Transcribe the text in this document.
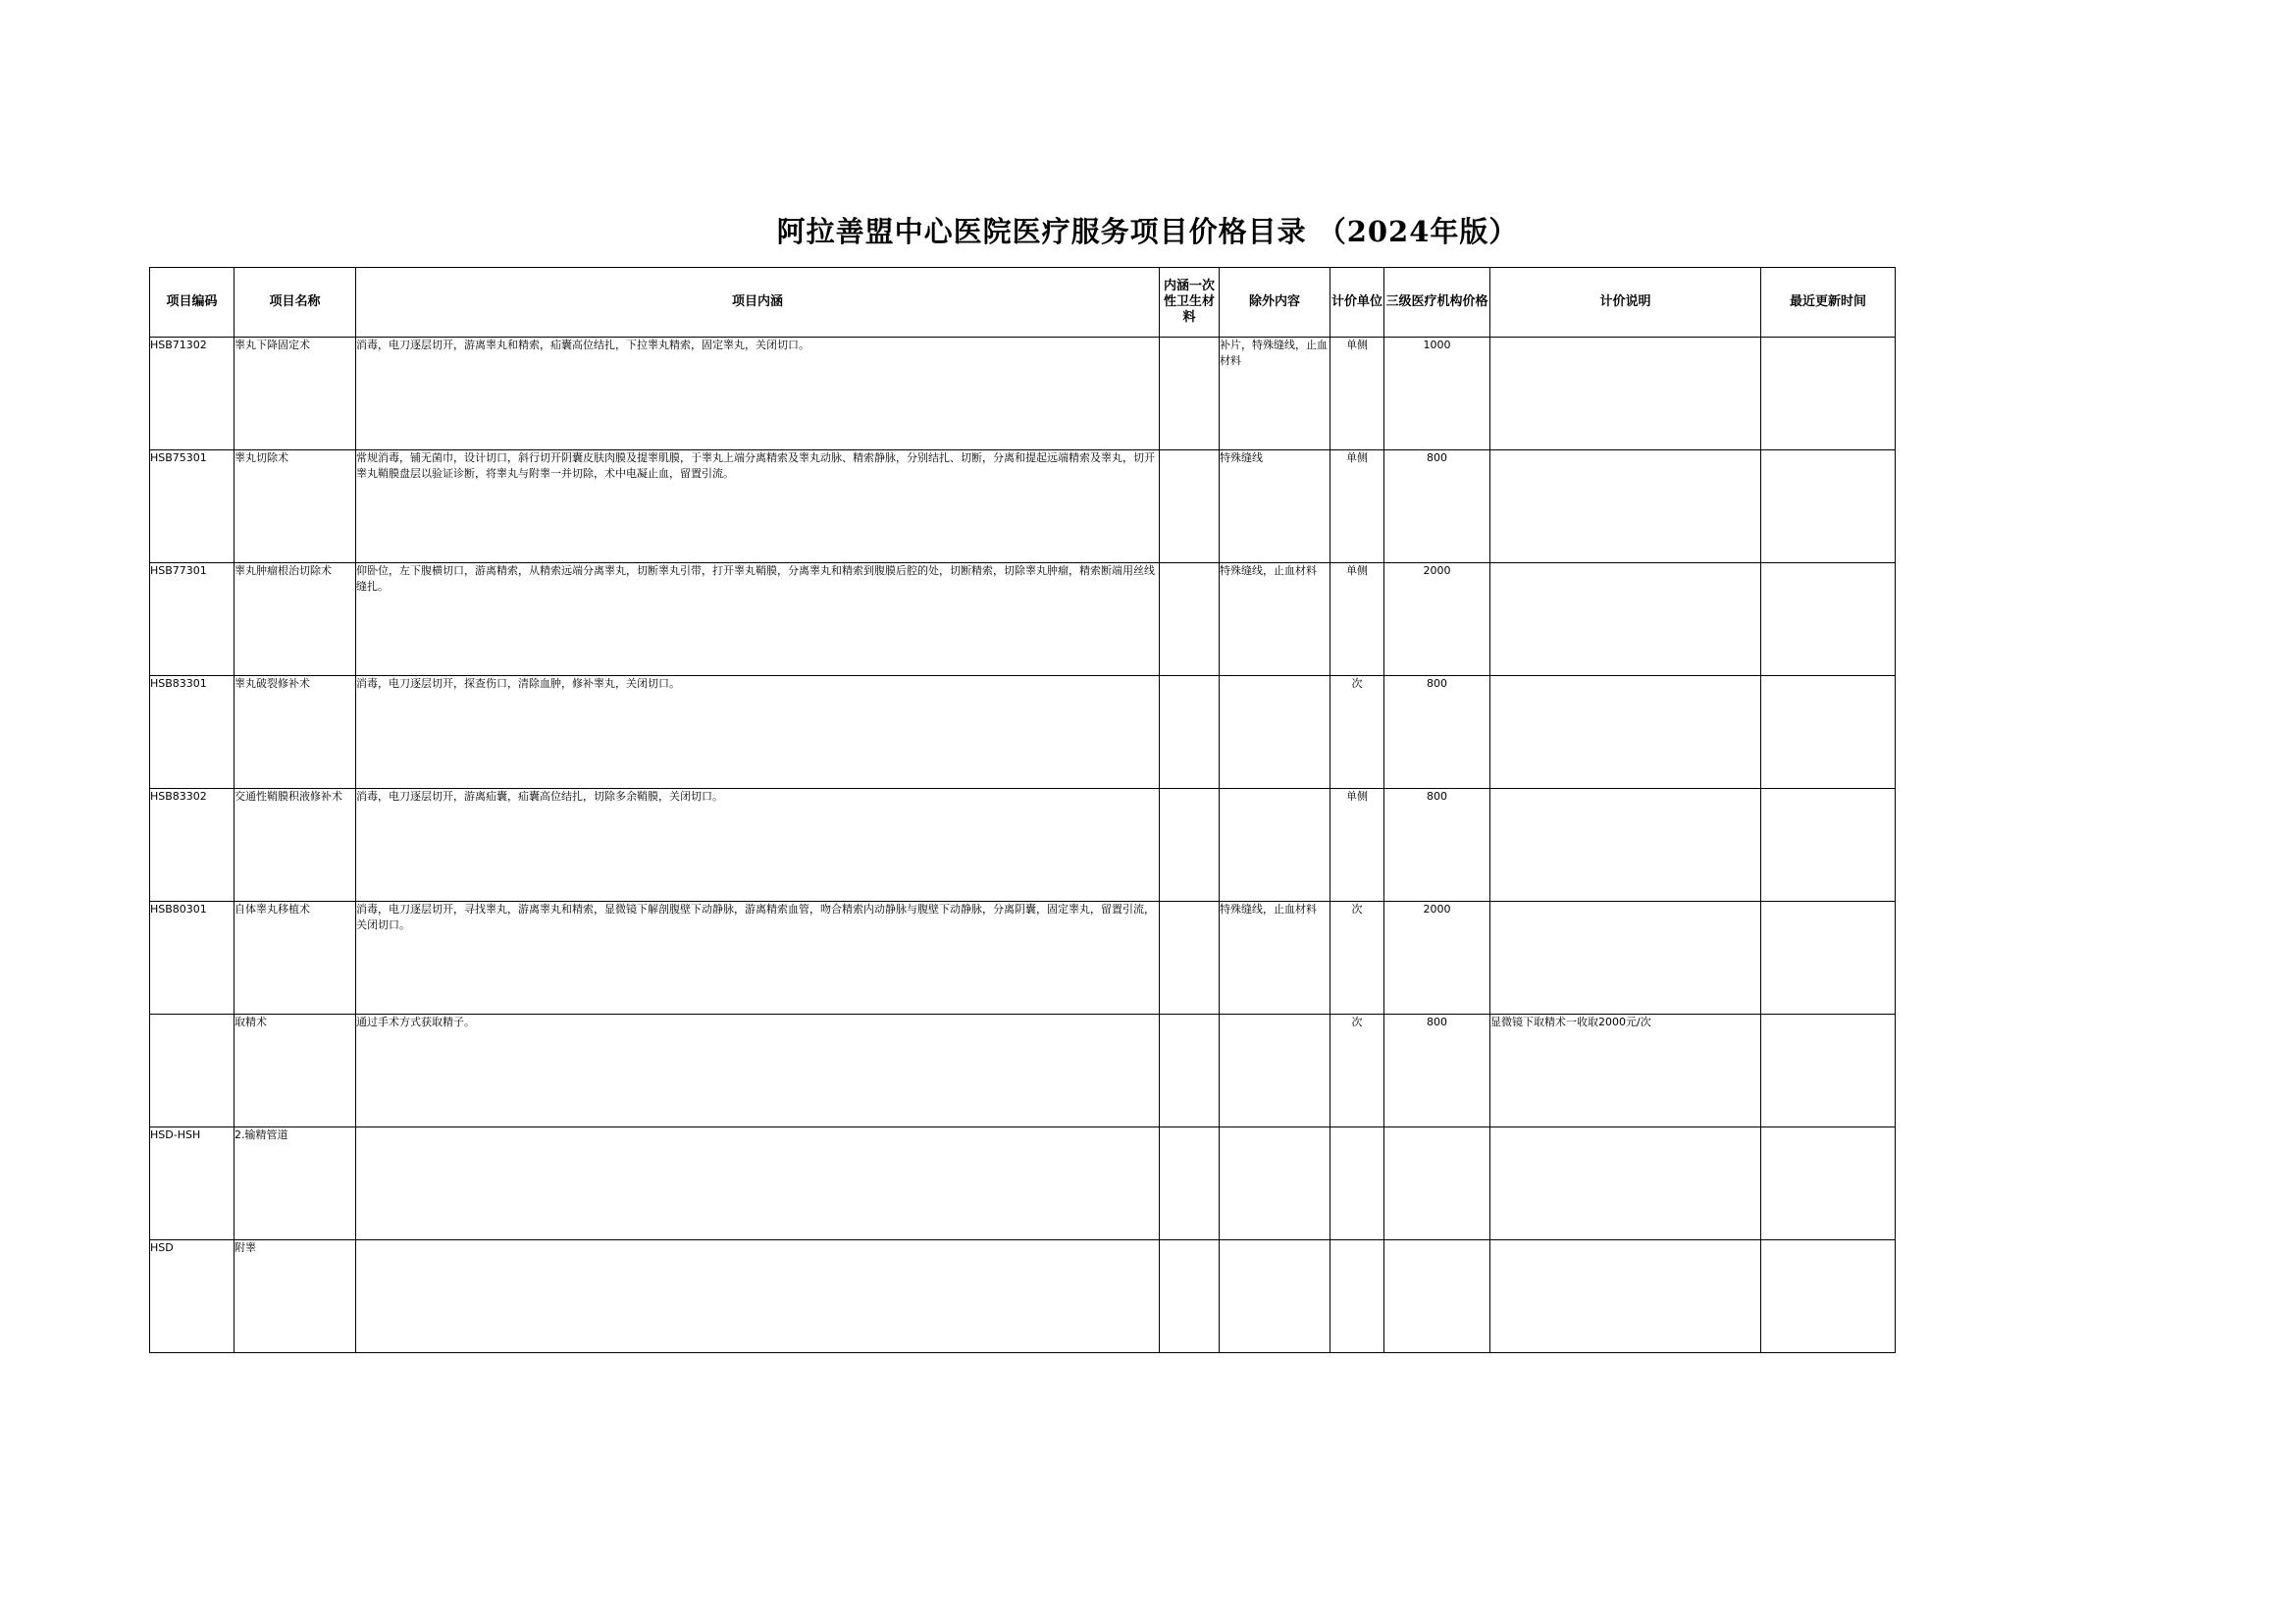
阿拉善盟中心医院医疗服务项目价格目录 （2024年版）
项目编码	项目名称	项目内涵	内涵一次性卫生材料	除外内容	计价单位	三级医疗机构价格	计价说明	最近更新时间
HSB71302	睾丸下降固定术	消毒，电刀逐层切开，游离睾丸和精索，疝囊高位结扎，下拉睾丸精索，固定睾丸，关闭切口。		补片，特殊缝线，止血材料	单侧	1000		
HSB75301	睾丸切除术	常规消毒，铺无菌巾，设计切口，斜行切开阴囊皮肤肉膜及提睾肌膜，于睾丸上端分离精索及睾丸动脉、精索静脉，分别结扎、切断，分离和提起远端精索及睾丸，切开睾丸鞘膜盘层以验证诊断，将睾丸与附睾一并切除，术中电凝止血，留置引流。		特殊缝线	单侧	800		
HSB77301	睾丸肿瘤根治切除术	仰卧位，左下腹横切口，游离精索，从精索远端分离睾丸，切断睾丸引带，打开睾丸鞘膜，分离睾丸和精索到腹膜后腔的处，切断精索，切除睾丸肿瘤，精索断端用丝线缝扎。		特殊缝线，止血材料	单侧	2000		
HSB83301	睾丸破裂修补术	消毒，电刀逐层切开，探查伤口，清除血肿，修补睾丸，关闭切口。			次	800		
HSB83302	交通性鞘膜积液修补术	消毒，电刀逐层切开，游离疝囊，疝囊高位结扎，切除多余鞘膜，关闭切口。			单侧	800		
HSB80301	自体睾丸移植术	消毒，电刀逐层切开，寻找睾丸，游离睾丸和精索，显微镜下解剖腹壁下动静脉，游离精索血管，吻合精索内动静脉与腹壁下动静脉，分离阴囊，固定睾丸，留置引流，关闭切口。		特殊缝线，止血材料	次	2000		
	取精术	通过手术方式获取精子。			次	800	显微镜下取精术一收取2000元/次	
HSD-HSH	2.输精管道							
HSD	附睾							
